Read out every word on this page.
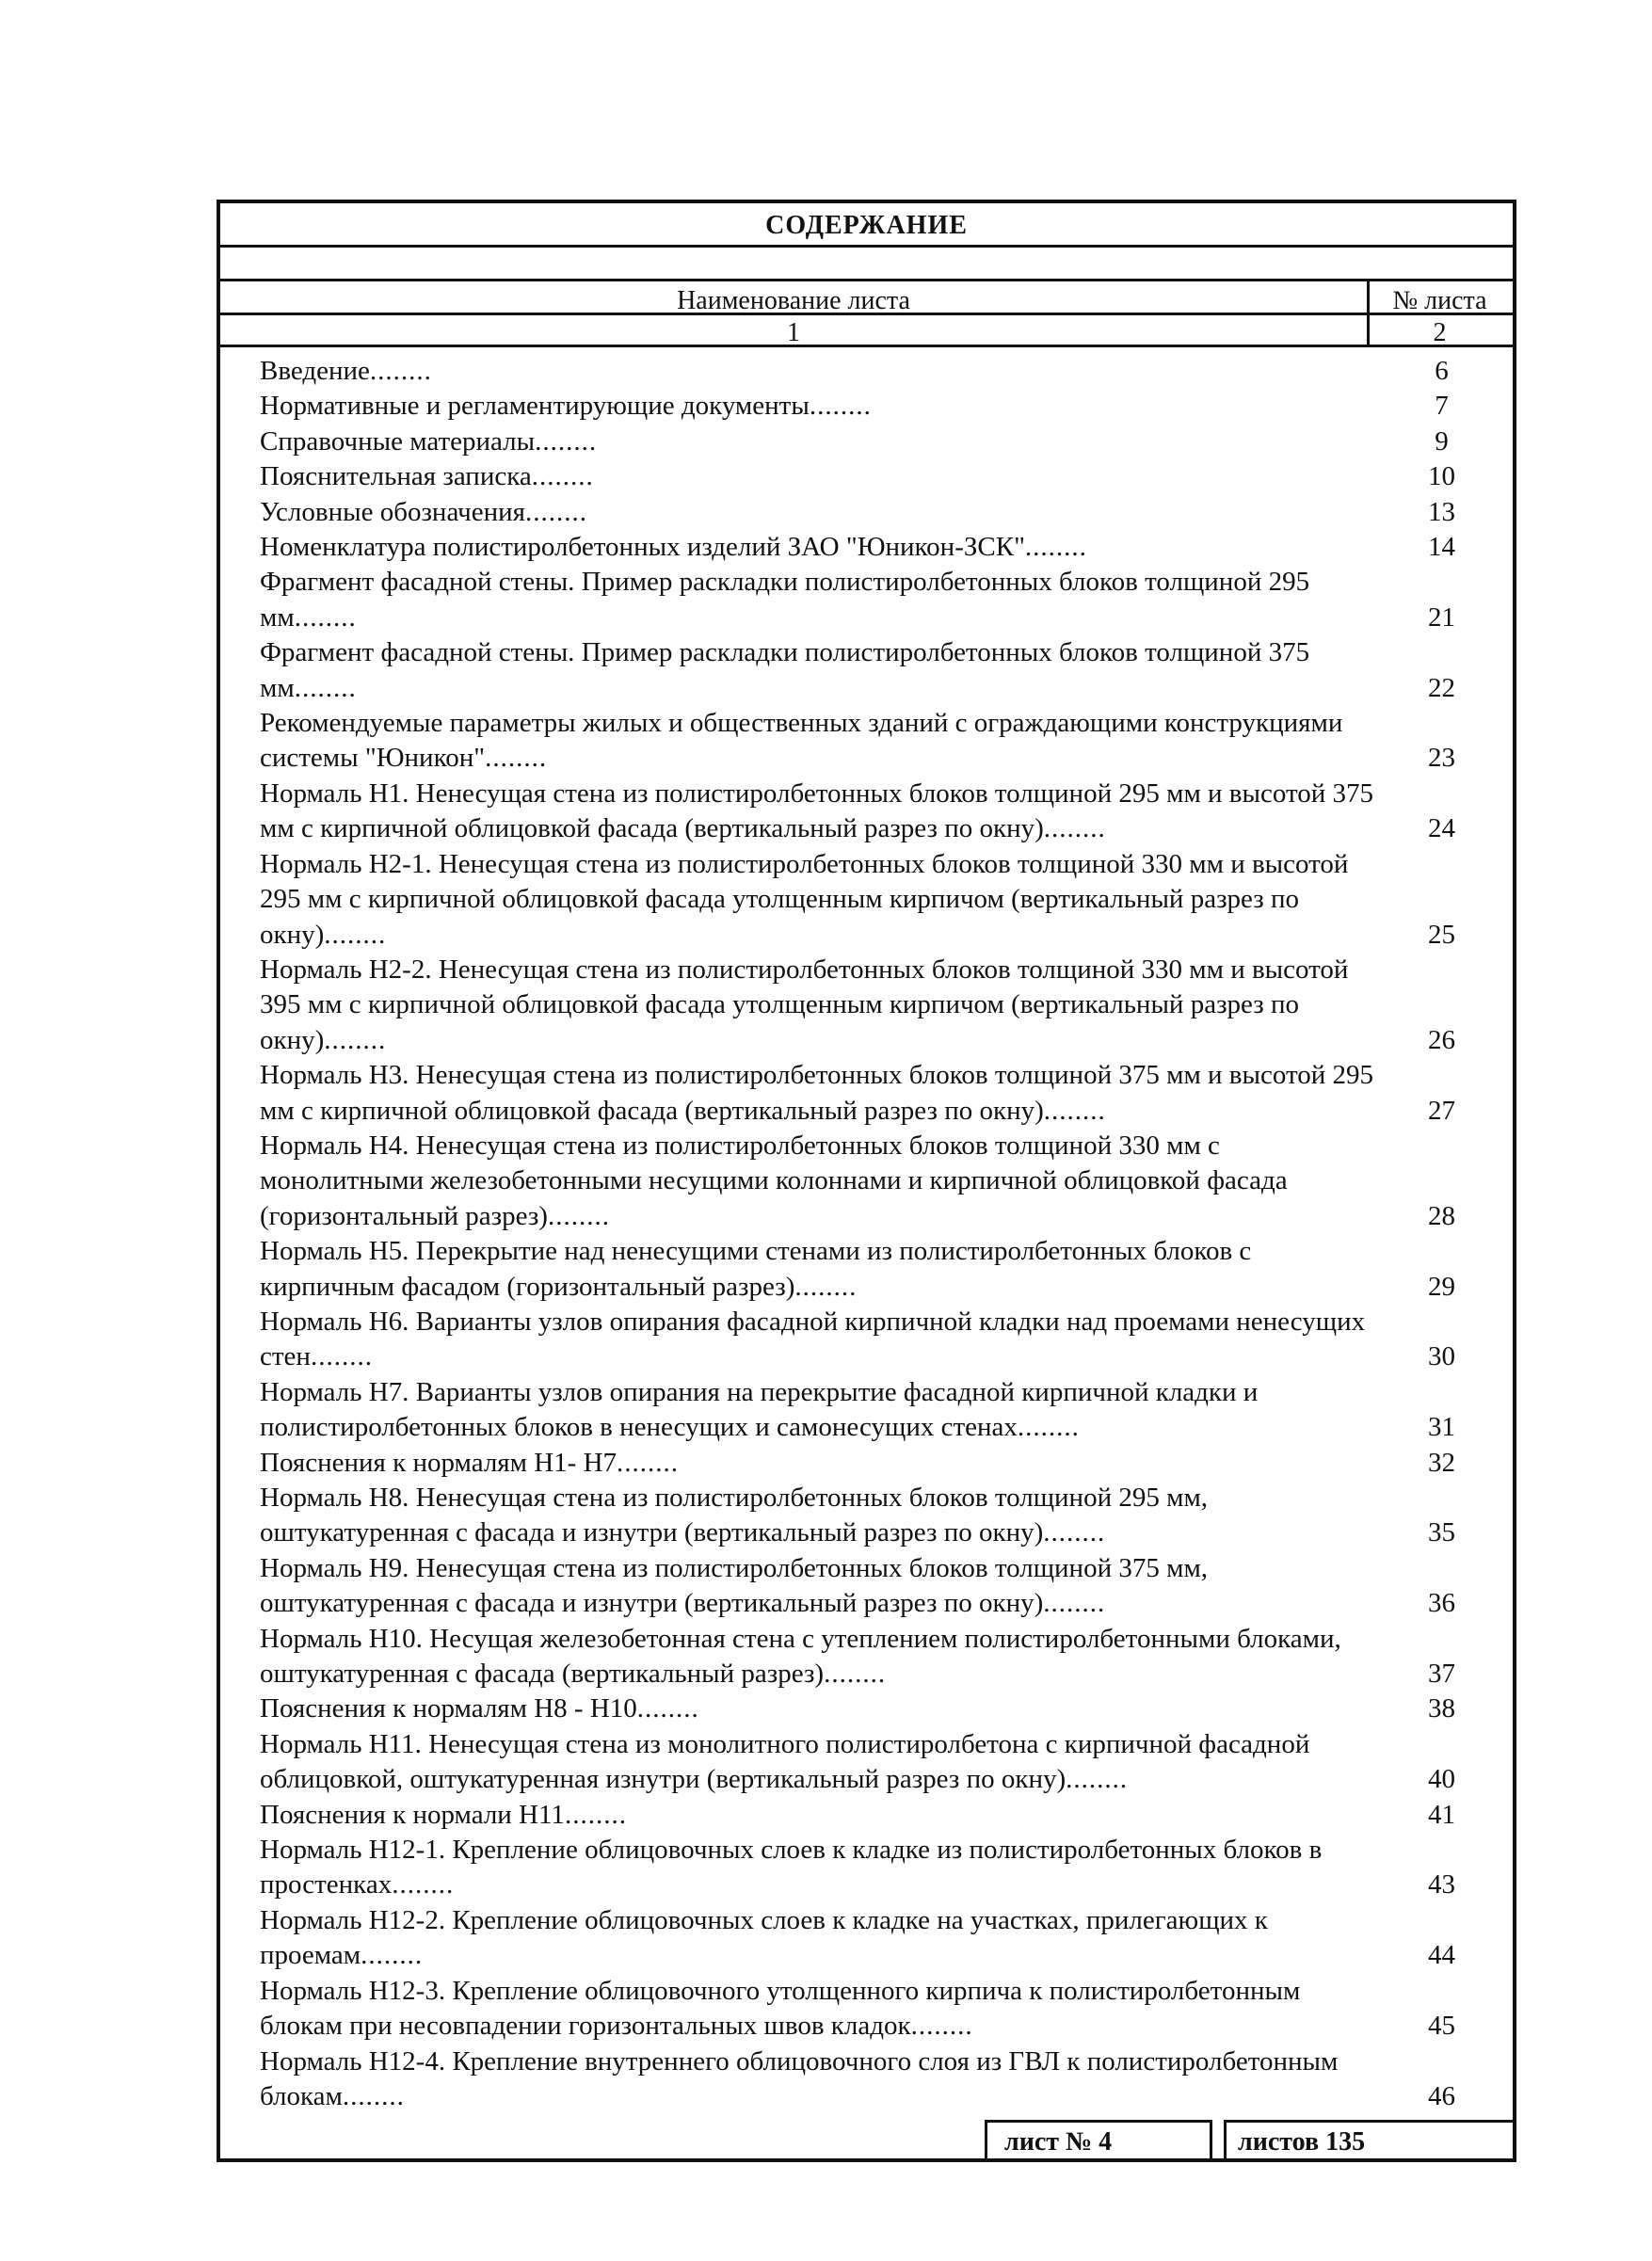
СОДЕРЖАНИЕ
Наименование листа	№ листа
1	2
Введение........	6
Нормативные и регламентирующие документы........	7
Справочные материалы........	9
Пояснительная записка........	10
Условные обозначения........	13
Номенклатура полистиролбетонных изделий ЗАО "Юникон-ЗСК"........	14
Фрагмент фасадной стены. Пример раскладки полистиролбетонных блоков толщиной 295 мм........	21
Фрагмент фасадной стены. Пример раскладки полистиролбетонных блоков толщиной 375 мм........	22
Рекомендуемые параметры жилых и общественных зданий с ограждающими конструкциями системы "Юникон"........	23
Нормаль Н1. Ненесущая стена из полистиролбетонных блоков толщиной 295 мм и высотой 375 мм с кирпичной облицовкой фасада (вертикальный разрез по окну)........	24
Нормаль Н2-1. Ненесущая стена из полистиролбетонных блоков толщиной 330 мм и высотой 295 мм с кирпичной облицовкой фасада утолщенным кирпичом (вертикальный разрез по окну)........	25
Нормаль Н2-2. Ненесущая стена из полистиролбетонных блоков толщиной 330 мм и высотой 395 мм с кирпичной облицовкой фасада утолщенным кирпичом (вертикальный разрез по окну)........	26
Нормаль Н3. Ненесущая стена из полистиролбетонных блоков толщиной 375 мм и высотой 295 мм с кирпичной облицовкой фасада (вертикальный разрез по окну)........	27
Нормаль Н4. Ненесущая стена из полистиролбетонных блоков толщиной 330 мм с монолитными железобетонными несущими колоннами и кирпичной облицовкой фасада (горизонтальный разрез)........	28
Нормаль Н5. Перекрытие над ненесущими стенами из полистиролбетонных блоков с кирпичным фасадом (горизонтальный разрез)........	29
Нормаль Н6. Варианты узлов опирания фасадной кирпичной кладки над проемами ненесущих стен........	30
Нормаль Н7. Варианты узлов опирания на перекрытие фасадной кирпичной кладки и полистиролбетонных блоков в ненесущих и самонесущих стенах........	31
Пояснения к нормалям Н1- Н7........	32
Нормаль Н8. Ненесущая стена из полистиролбетонных блоков толщиной 295 мм, оштукатуренная с фасада и изнутри (вертикальный разрез по окну)........	35
Нормаль Н9. Ненесущая стена из полистиролбетонных блоков толщиной 375 мм, оштукатуренная с фасада и изнутри (вертикальный разрез по окну)........	36
Нормаль Н10. Несущая железобетонная стена с утеплением полистиролбетонными блоками, оштукатуренная с фасада (вертикальный разрез)........	37
Пояснения к нормалям Н8 - Н10........	38
Нормаль Н11. Ненесущая стена из монолитного полистиролбетона с кирпичной фасадной облицовкой, оштукатуренная изнутри (вертикальный разрез по окну)........	40
Пояснения к нормали Н11........	41
Нормаль Н12-1. Крепление облицовочных слоев к кладке из полистиролбетонных блоков в простенках........	43
Нормаль Н12-2. Крепление облицовочных слоев к кладке на участках, прилегающих к проемам........	44
Нормаль Н12-3. Крепление облицовочного утолщенного кирпича к полистиролбетонным блокам при несовпадении горизонтальных швов кладок........	45
Нормаль Н12-4. Крепление внутреннего облицовочного слоя из ГВЛ к полистиролбетонным блокам........	46
лист № 4	листов 135
